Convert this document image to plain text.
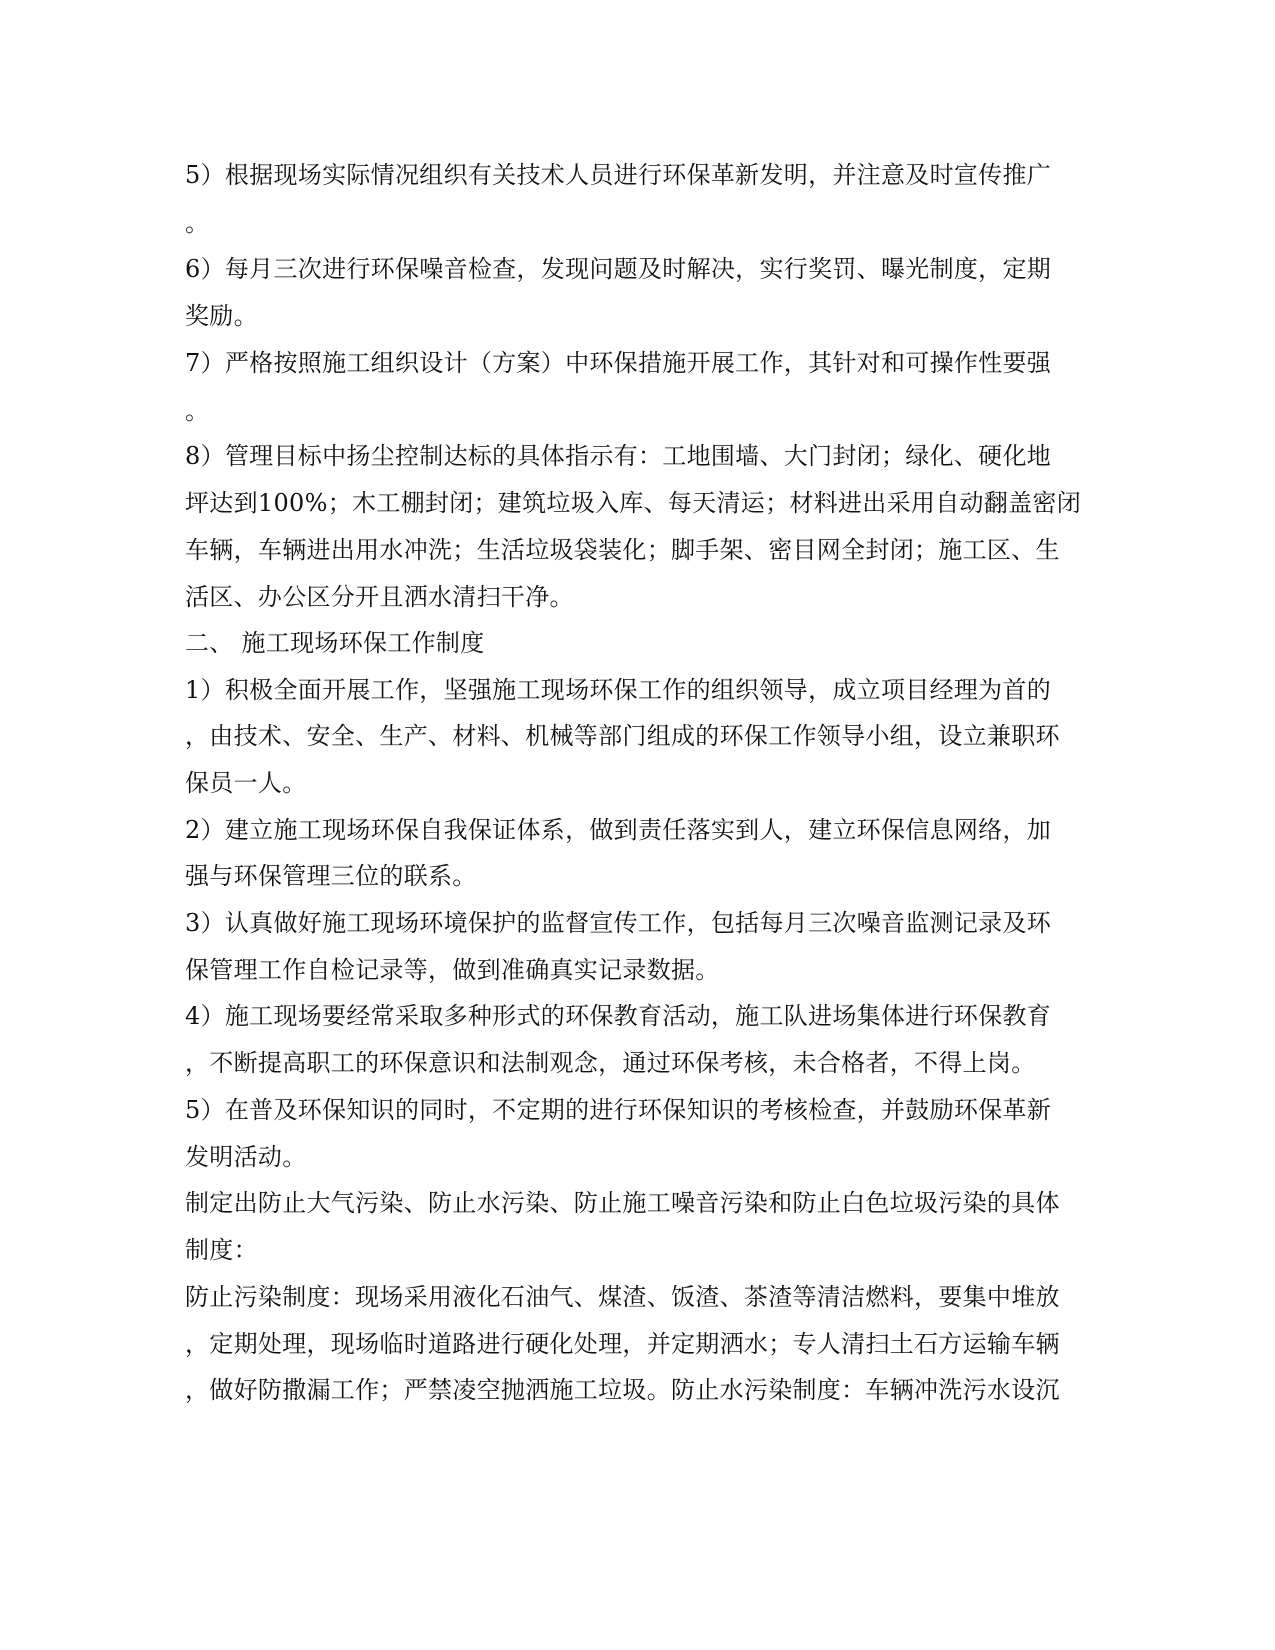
5）根据现场实际情况组织有关技术人员进行环保革新发明，并注意及时宣传推广
。
6）每月三次进行环保噪音检查，发现问题及时解决，实行奖罚、曝光制度，定期
奖励。
7）严格按照施工组织设计（方案）中环保措施开展工作，其针对和可操作性要强
。
8）管理目标中扬尘控制达标的具体指示有：工地围墙、大门封闭；绿化、硬化地
坪达到100%；木工棚封闭；建筑垃圾入库、每天清运；材料进出采用自动翻盖密闭
车辆，车辆进出用水冲洗；生活垃圾袋装化；脚手架、密目网全封闭；施工区、生
活区、办公区分开且洒水清扫干净。
二、 施工现场环保工作制度
1）积极全面开展工作，坚强施工现场环保工作的组织领导，成立项目经理为首的
，由技术、安全、生产、材料、机械等部门组成的环保工作领导小组，设立兼职环
保员一人。
2）建立施工现场环保自我保证体系，做到责任落实到人，建立环保信息网络，加
强与环保管理三位的联系。
3）认真做好施工现场环境保护的监督宣传工作，包括每月三次噪音监测记录及环
保管理工作自检记录等，做到准确真实记录数据。
4）施工现场要经常采取多种形式的环保教育活动，施工队进场集体进行环保教育
，不断提高职工的环保意识和法制观念，通过环保考核，未合格者，不得上岗。
5）在普及环保知识的同时，不定期的进行环保知识的考核检查，并鼓励环保革新
发明活动。
制定出防止大气污染、防止水污染、防止施工噪音污染和防止白色垃圾污染的具体
制度：
防止污染制度：现场采用液化石油气、煤渣、饭渣、茶渣等清洁燃料，要集中堆放
，定期处理，现场临时道路进行硬化处理，并定期洒水；专人清扫土石方运输车辆
，做好防撒漏工作；严禁凌空抛洒施工垃圾。防止水污染制度：车辆冲洗污水设沉
